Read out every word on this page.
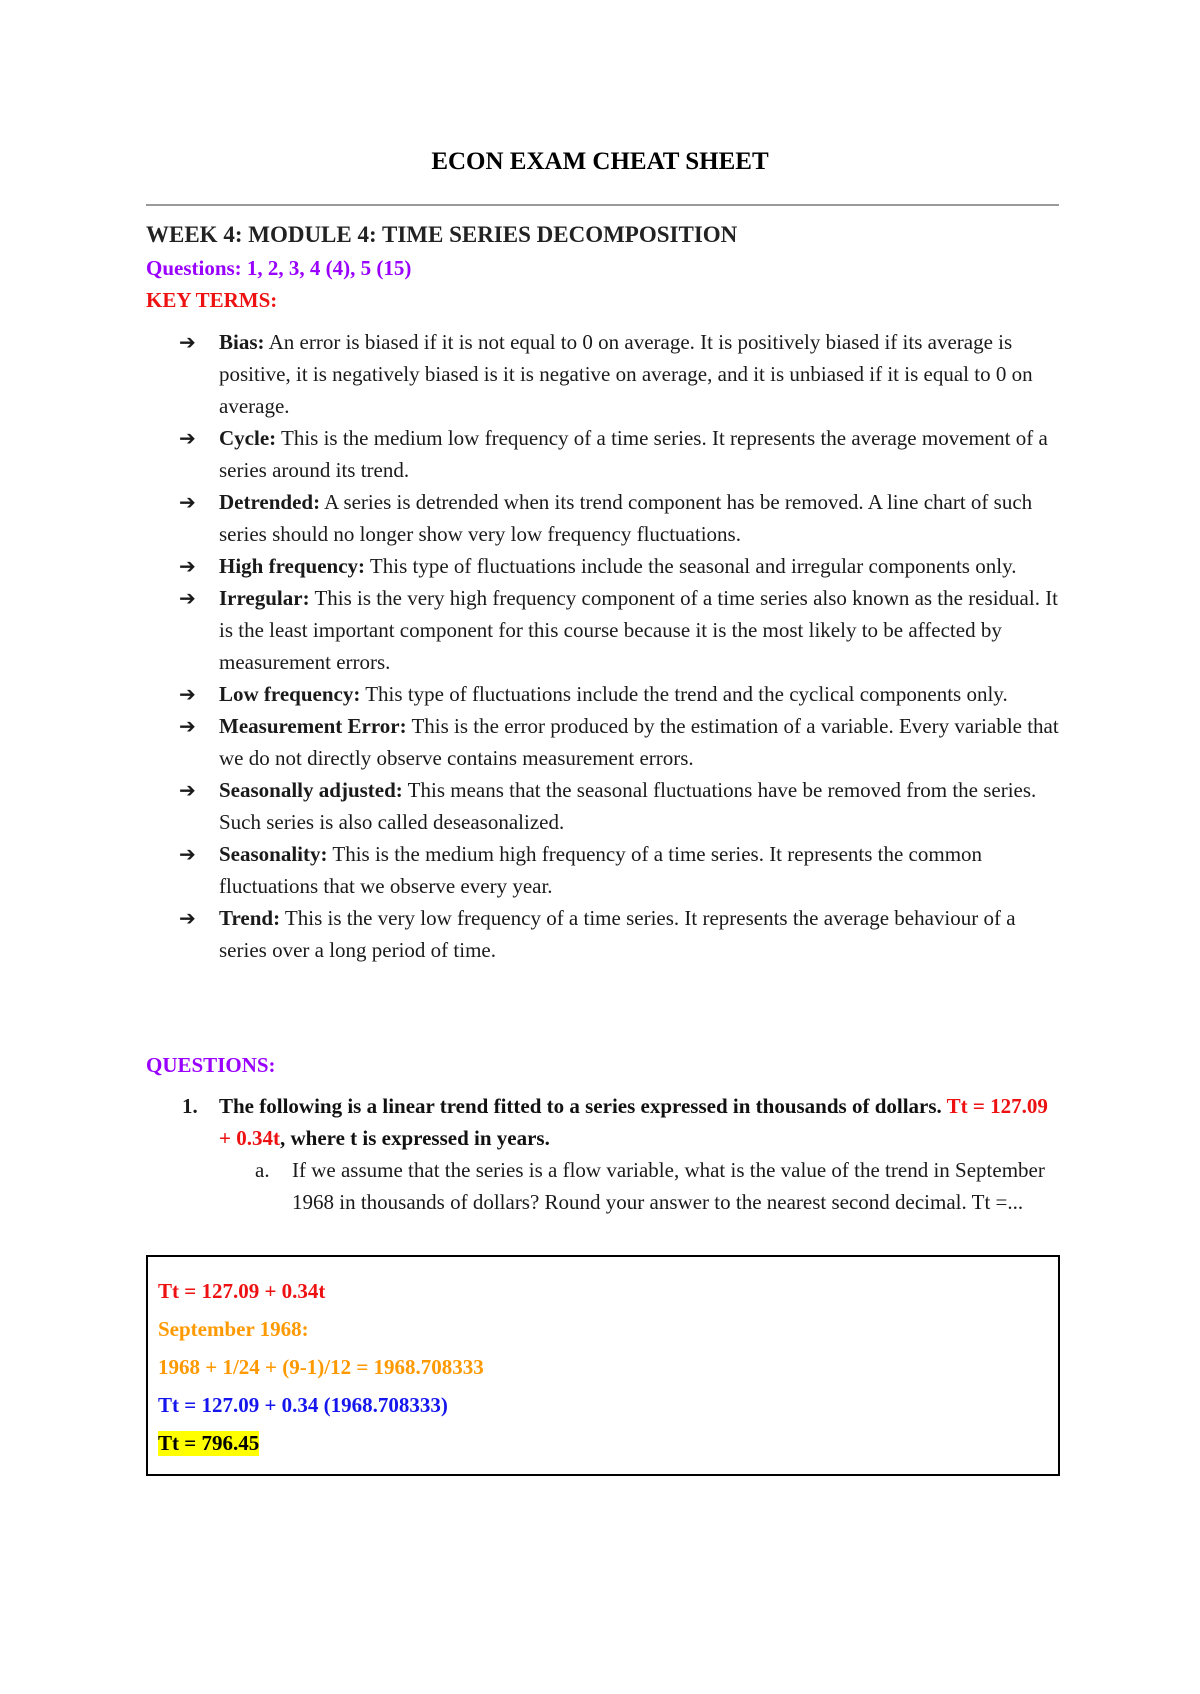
ECON EXAM CHEAT SHEET
WEEK 4: MODULE 4: TIME SERIES DECOMPOSITION
Questions: 1, 2, 3, 4 (4), 5 (15)
KEY TERMS:
➔ Bias: An error is biased if it is not equal to 0 on average. It is positively biased if its average is positive, it is negatively biased is it is negative on average, and it is unbiased if it is equal to 0 on average.
➔ Cycle: This is the medium low frequency of a time series. It represents the average movement of a series around its trend.
➔ Detrended: A series is detrended when its trend component has be removed. A line chart of such series should no longer show very low frequency fluctuations.
➔ High frequency: This type of fluctuations include the seasonal and irregular components only.
➔ Irregular: This is the very high frequency component of a time series also known as the residual. It is the least important component for this course because it is the most likely to be affected by measurement errors.
➔ Low frequency: This type of fluctuations include the trend and the cyclical components only.
➔ Measurement Error: This is the error produced by the estimation of a variable. Every variable that we do not directly observe contains measurement errors.
➔ Seasonally adjusted: This means that the seasonal fluctuations have be removed from the series. Such series is also called deseasonalized.
➔ Seasonality: This is the medium high frequency of a time series. It represents the common fluctuations that we observe every year.
➔ Trend: This is the very low frequency of a time series. It represents the average behaviour of a series over a long period of time.
QUESTIONS:
1. The following is a linear trend fitted to a series expressed in thousands of dollars. Tt = 127.09 + 0.34t, where t is expressed in years.
a. If we assume that the series is a flow variable, what is the value of the trend in September 1968 in thousands of dollars? Round your answer to the nearest second decimal. Tt =...
Tt = 127.09 + 0.34t
September 1968:
1968 + 1/24 + (9-1)/12 = 1968.708333
Tt = 127.09 + 0.34 (1968.708333)
Tt = 796.45
